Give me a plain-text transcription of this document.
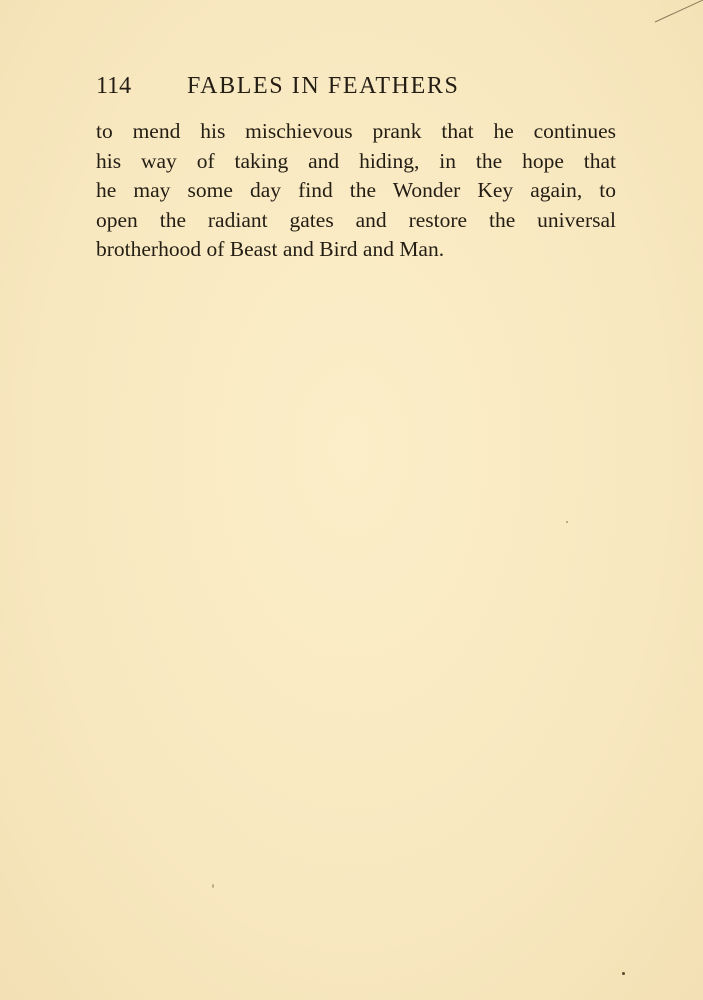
114 FABLES IN FEATHERS
to mend his mischievous prank that he continues
his way of taking and hiding, in the hope that
he may some day find the Wonder Key again, to
open the radiant gates and restore the universal
brotherhood of Beast and Bird and Man.
